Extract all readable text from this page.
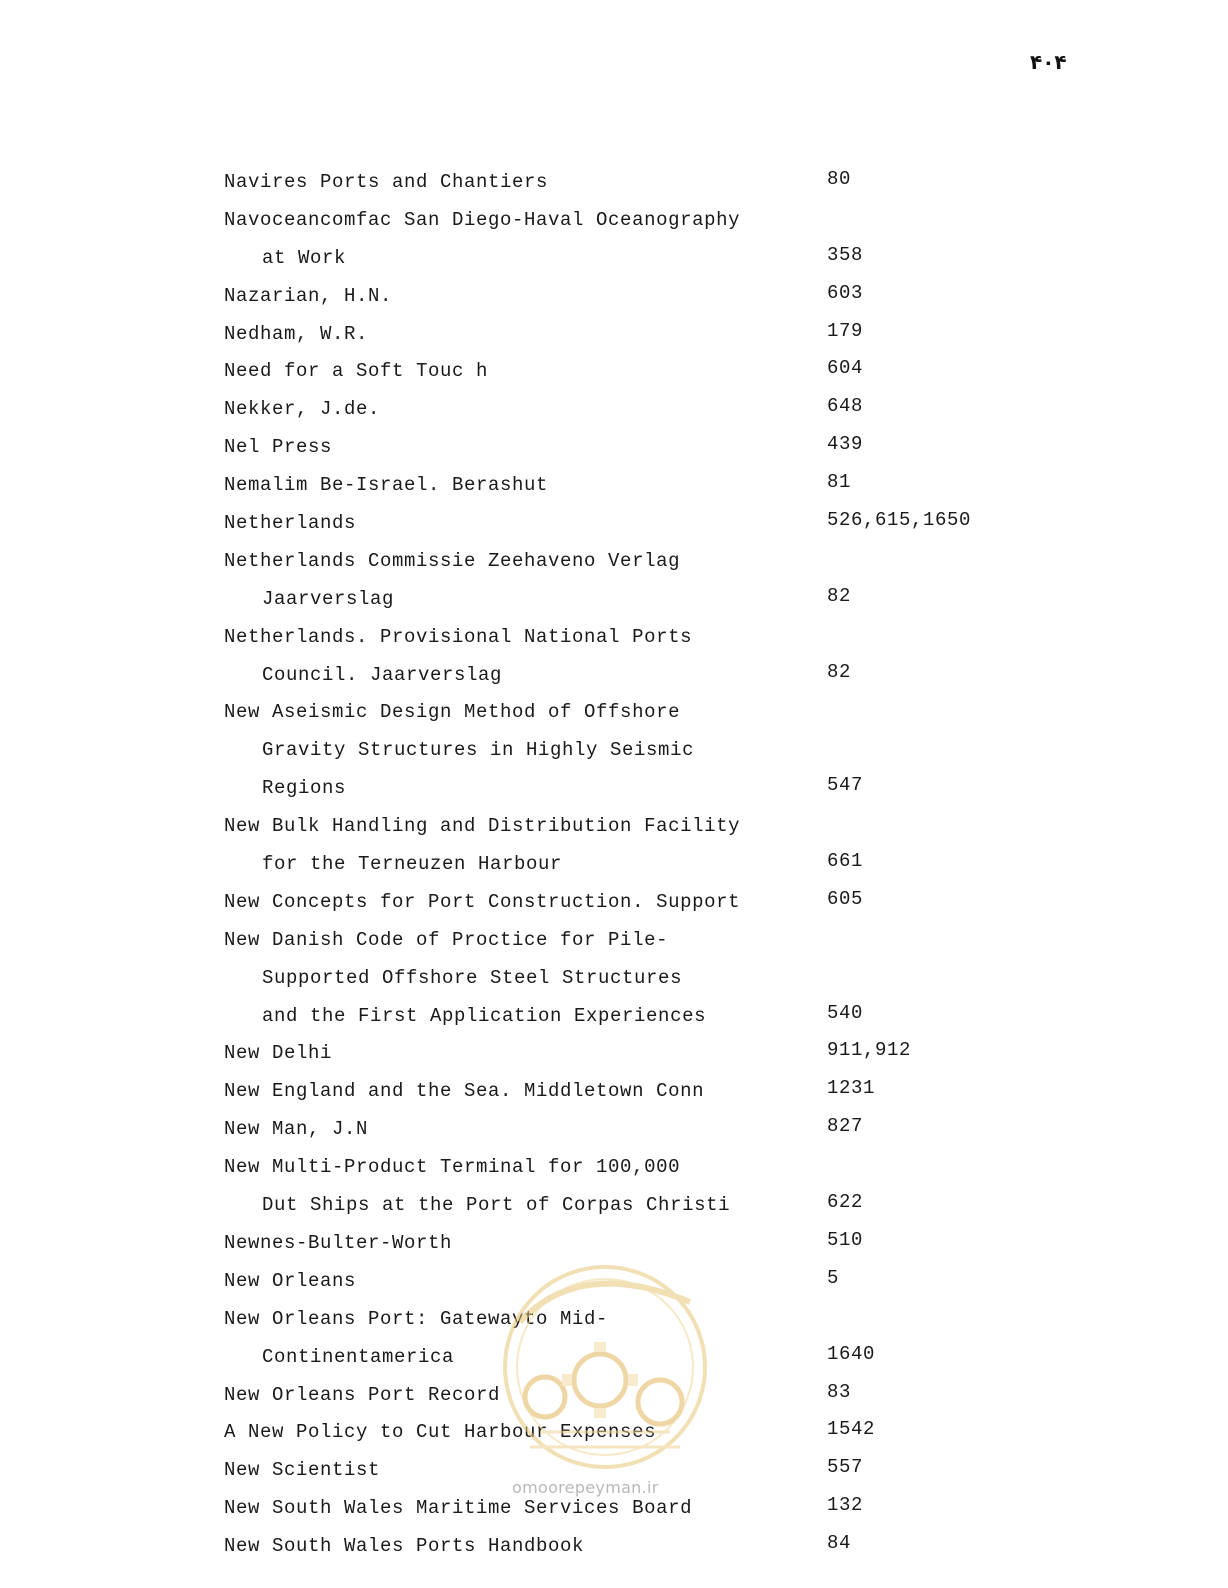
۴۰۴
Navires Ports and Chantiers	80
Navoceancomfac San Diego-Haval Oceanography
at Work	358
Nazarian, H.N.	603
Nedham, W.R.	179
Need for a Soft Touc h	604
Nekker, J.de.	648
Nel Press	439
Nemalim Be-Israel. Berashut	81
Netherlands	526,615,1650
Netherlands Commissie Zeehaveno Verlag
Jaarverslag	82
Netherlands. Provisional National Ports
Council. Jaarverslag	82
New Aseismic Design Method of Offshore
Gravity Structures in Highly Seismic
Regions	547
New Bulk Handling and Distribution Facility
for the Terneuzen Harbour	661
New Concepts for Port Construction. Support	605
New Danish Code of Proctice for Pile-
Supported Offshore Steel Structures
and the First Application Experiences	540
New Delhi	911,912
New England and the Sea. Middletown Conn	1231
New Man, J.N	827
New Multi-Product Terminal for 100,000
Dut Ships at the Port of Corpas Christi	622
Newnes-Bulter-Worth	510
New Orleans	5
New Orleans Port: Gatewayto Mid-
Continentamerica	1640
New Orleans Port Record	83
A New Policy to Cut Harbour Expenses	1542
New Scientist	557
New South Wales Maritime Services Board	132
New South Wales Ports Handbook	84
omoorepeyman.ir
